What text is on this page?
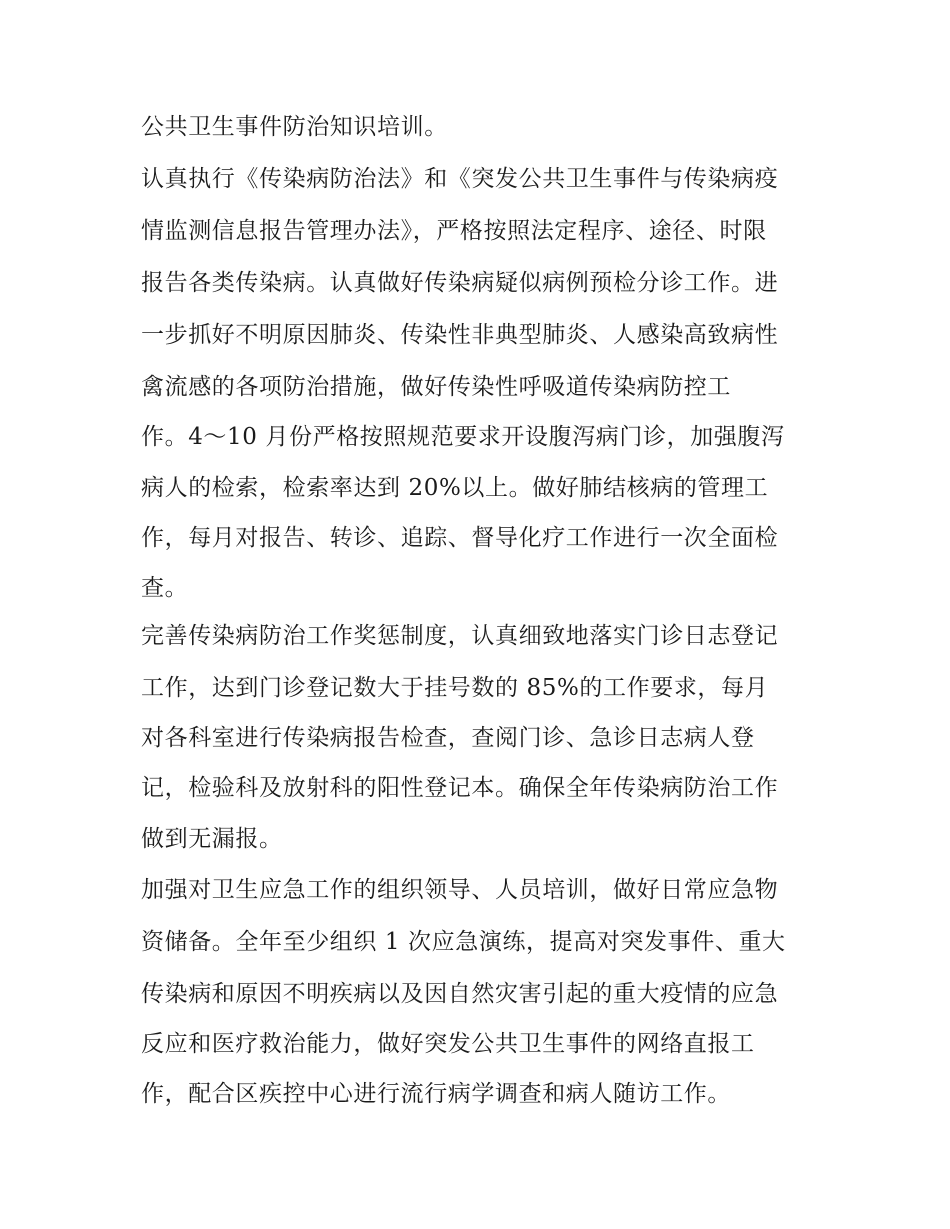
公共卫生事件防治知识培训。
认真执行《传染病防治法》和《突发公共卫生事件与传染病疫
情监测信息报告管理办法》，严格按照法定程序、途径、时限
报告各类传染病。认真做好传染病疑似病例预检分诊工作。进
一步抓好不明原因肺炎、传染性非典型肺炎、人感染高致病性
禽流感的各项防治措施，做好传染性呼吸道传染病防控工
作。4～10 月份严格按照规范要求开设腹泻病门诊，加强腹泻
病人的检索，检索率达到 20%以上。做好肺结核病的管理工
作，每月对报告、转诊、追踪、督导化疗工作进行一次全面检
查。
完善传染病防治工作奖惩制度，认真细致地落实门诊日志登记
工作，达到门诊登记数大于挂号数的 85%的工作要求，每月
对各科室进行传染病报告检查，查阅门诊、急诊日志病人登
记，检验科及放射科的阳性登记本。确保全年传染病防治工作
做到无漏报。
加强对卫生应急工作的组织领导、人员培训，做好日常应急物
资储备。全年至少组织 1 次应急演练，提高对突发事件、重大
传染病和原因不明疾病以及因自然灾害引起的重大疫情的应急
反应和医疗救治能力，做好突发公共卫生事件的网络直报工
作，配合区疾控中心进行流行病学调查和病人随访工作。
